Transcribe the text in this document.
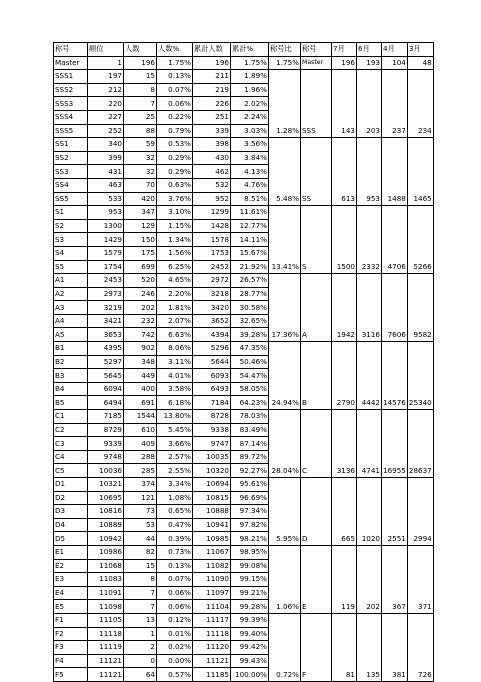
称号	順位	人数	人数%	累計人数	累計%	称号比	称号	7月	6月	4月	3月
Master	1	196	1.75%	196	1.75%	1.75%	Master	196	193	104	48
SSS1	197	15	0.13%	211	1.89%	1.28%	SSS	143	203	237	234
SSS2	212	8	0.07%	219	1.96%						
SSS3	220	7	0.06%	226	2.02%						
SSS4	227	25	0.22%	251	2.24%						
SSS5	252	88	0.79%	339	3.03%						
SS1	340	59	0.53%	398	3.56%	5.48%	SS	613	953	1488	1465
SS2	399	32	0.29%	430	3.84%						
SS3	431	32	0.29%	462	4.13%						
SS4	463	70	0.63%	532	4.76%						
SS5	533	420	3.76%	952	8.51%						
S1	953	347	3.10%	1299	11.61%	13.41%	S	1500	2332	4706	5266
S2	1300	129	1.15%	1428	12.77%						
S3	1429	150	1.34%	1578	14.11%						
S4	1579	175	1.56%	1753	15.67%						
S5	1754	699	6.25%	2452	21.92%						
A1	2453	520	4.65%	2972	26.57%	17.36%	A	1942	3116	7606	9582
A2	2973	246	2.20%	3218	28.77%						
A3	3219	202	1.81%	3420	30.58%						
A4	3421	232	2.07%	3652	32.65%						
A5	3653	742	6.63%	4394	39.28%						
B1	4395	902	8.06%	5296	47.35%	24.94%	B	2790	4442	14576	25340
B2	5297	348	3.11%	5644	50.46%						
B3	5645	449	4.01%	6093	54.47%						
B4	6094	400	3.58%	6493	58.05%						
B5	6494	691	6.18%	7184	64.23%						
C1	7185	1544	13.80%	8728	78.03%	28.04%	C	3136	4741	16955	28637
C2	8729	610	5.45%	9338	83.49%						
C3	9339	409	3.66%	9747	87.14%						
C4	9748	288	2.57%	10035	89.72%						
C5	10036	285	2.55%	10320	92.27%						
D1	10321	374	3.34%	10694	95.61%	5.95%	D	665	1020	2551	2994
D2	10695	121	1.08%	10815	96.69%						
D3	10816	73	0.65%	10888	97.34%						
D4	10889	53	0.47%	10941	97.82%						
D5	10942	44	0.39%	10985	98.21%						
E1	10986	82	0.73%	11067	98.95%	1.06%	E	119	202	367	371
E2	11068	15	0.13%	11082	99.08%						
E3	11083	8	0.07%	11090	99.15%						
E4	11091	7	0.06%	11097	99.21%						
E5	11098	7	0.06%	11104	99.28%						
F1	11105	13	0.12%	11117	99.39%	0.72%	F	81	135	381	726
F2	11118	1	0.01%	11118	99.40%						
F3	11119	2	0.02%	11120	99.42%						
F4	11121	0	0.00%	11121	99.43%						
F5	11121	64	0.57%	11185	100.00%						
